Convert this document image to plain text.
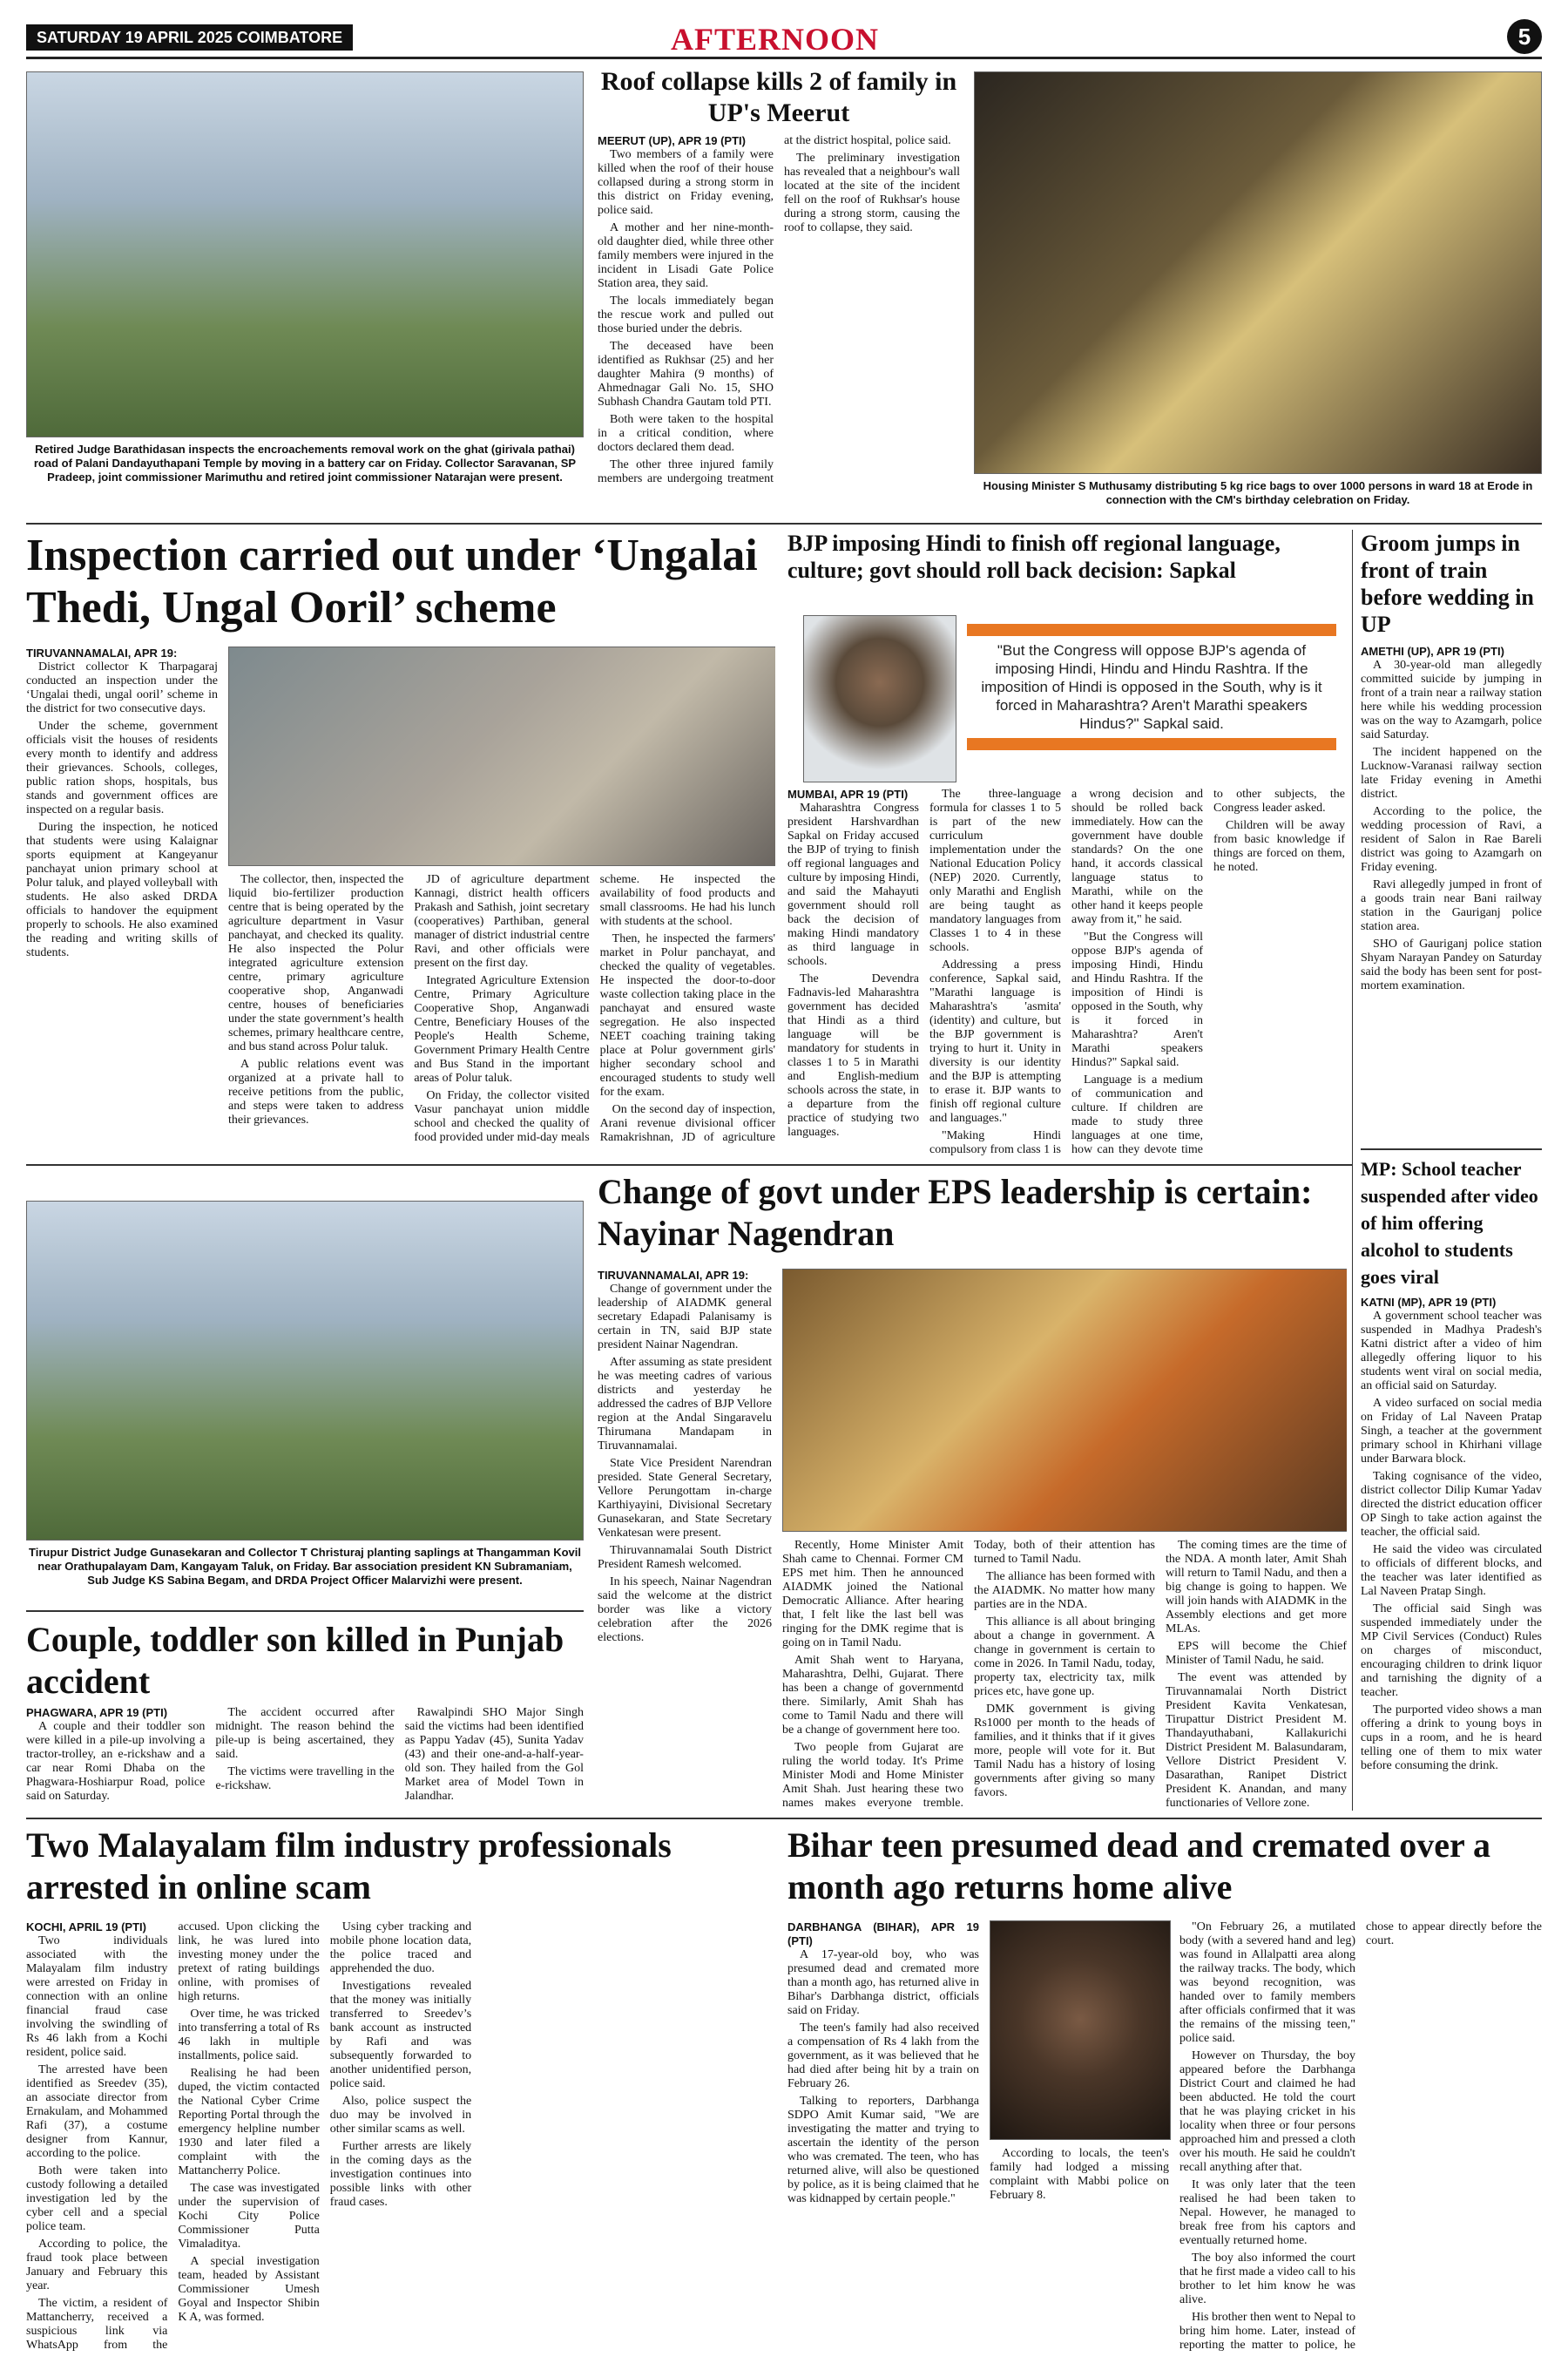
SATURDAY 19 APRIL 2025 COIMBATORE	AFTERNOON	5
Retired Judge Barathidasan inspects the encroachements removal work on the ghat (girivala pathai) road of Palani Dandayuthapani Temple by moving in a battery car on Friday. Collector Saravanan, SP Pradeep, joint commissioner Marimuthu and retired joint commissioner Natarajan were present.
Roof collapse kills 2 of family in UP's Meerut
MEERUT (UP), APR 19 (PTI)

Two members of a family were killed when the roof of their house collapsed during a strong storm in this district on Friday evening, police said.

A mother and her nine-month-old daughter died, while three other family members were injured in the incident in Lisadi Gate Police Station area, they said.

The locals immediately began the rescue work and pulled out those buried under the debris.

The deceased have been identified as Rukhsar (25) and her daughter Mahira (9 months) of Ahmednagar Gali No. 15, SHO Subhash Chandra Gautam told PTI.

Both were taken to the hospital in a critical condition, where doctors declared them dead.

The other three injured family members are undergoing treatment at the district hospital, police said.

The preliminary investigation has revealed that a neighbour's wall located at the site of the incident fell on the roof of Rukhsar's house during a strong storm, causing the roof to collapse, they said.

Housing Minister S Muthusamy distributing 5 kg rice bags to over 1000 persons in ward 18 at Erode in connection with the CM's birthday celebration on Friday.
Inspection carried out under ‘Ungalai Thedi, Ungal Ooril’ scheme
TIRUVANNAMALAI, APR 19:

District collector K Tharpagaraj conducted an inspection under the ‘Ungalai thedi, ungal ooril’ scheme in the district for two consecutive days.

Under the scheme, government officials visit the houses of residents every month to identify and address their grievances. Schools, colleges, public ration shops, hospitals, bus stands and government offices are inspected on a regular basis.

During the inspection, he noticed that students were using Kalaignar sports equipment at Kangeyanur panchayat union primary school at Polur taluk, and played volleyball with students. He also asked DRDA officials to handover the equipment properly to schools. He also examined the reading and writing skills of students.

The collector, then, inspected the liquid bio-fertilizer production centre that is being operated by the agriculture department in Vasur panchayat, and checked its quality. He also inspected the Polur integrated agriculture extension centre, primary agriculture cooperative shop, Anganwadi centre, houses of beneficiaries under the state government’s health schemes, primary healthcare centre, and bus stand across Polur taluk.

A public relations event was organized at a private hall to receive petitions from the public, and steps were taken to address their grievances.

JD of agriculture department Kannagi, district health officers Prakash and Sathish, joint secretary (cooperatives) Parthiban, general manager of district industrial centre Ravi, and other officials were present on the first day.

Integrated Agriculture Extension Centre, Primary Agriculture Cooperative Shop, Anganwadi Centre, Beneficiary Houses of the People's Health Scheme, Government Primary Health Centre and Bus Stand in the important areas of Polur taluk.

On Friday, the collector visited Vasur panchayat union middle school and checked the quality of food provided under mid-day meals scheme. He inspected the availability of food products and small classrooms. He had his lunch with students at the school.

Then, he inspected the farmers' market in Polur panchayat, and checked the quality of vegetables. He inspected the door-to-door waste collection taking place in the panchayat and ensured waste segregation. He also inspected NEET coaching training taking place at Polur government girls' higher secondary school and encouraged students to study well for the exam.

On the second day of inspection, Arani revenue divisional officer Ramakrishnan, JD of agriculture

BJP imposing Hindi to finish off regional language, culture; govt should roll back decision: Sapkal
"But the Congress will oppose BJP's agenda of imposing Hindi, Hindu and Hindu Rashtra. If the imposition of Hindi is opposed in the South, why is it forced in Maharashtra? Aren't Marathi speakers Hindus?" Sapkal said.
MUMBAI, APR 19 (PTI)

Maharashtra Congress president Harshvardhan Sapkal on Friday accused the BJP of trying to finish off regional languages and culture by imposing Hindi, and said the Mahayuti government should roll back the decision of making Hindi mandatory as third language in schools.

The Devendra Fadnavis-led Maharashtra government has decided that Hindi as a third language will be mandatory for students in classes 1 to 5 in Marathi and English-medium schools across the state, in a departure from the practice of studying two languages.

The three-language formula for classes 1 to 5 is part of the new curriculum implementation under the National Education Policy (NEP) 2020. Currently, only Marathi and English are being taught as mandatory languages from Classes 1 to 4 in these schools.

Addressing a press conference, Sapkal said, "Marathi language is Maharashtra's 'asmita' (identity) and culture, but the BJP government is trying to hurt it. Unity in diversity is our identity and the BJP is attempting to erase it. BJP wants to finish off regional culture and languages."

"Making Hindi compulsory from class 1 is a wrong decision and should be rolled back immediately. How can the government have double standards? On the one hand, it accords classical language status to Marathi, while on the other hand it keeps people away from it," he said.

"But the Congress will oppose BJP's agenda of imposing Hindi, Hindu and Hindu Rashtra. If the imposition of Hindi is opposed in the South, why is it forced in Maharashtra? Aren't Marathi speakers Hindus?" Sapkal said.

Language is a medium of communication and culture. If children are made to study three languages at one time, how can they devote time to other subjects, the Congress leader asked.

Children will be away from basic knowledge if things are forced on them, he noted.

Groom jumps in front of train before wedding in UP
AMETHI (UP), APR 19 (PTI)

A 30-year-old man allegedly committed suicide by jumping in front of a train near a railway station here while his wedding procession was on the way to Azamgarh, police said Saturday.

The incident happened on the Lucknow-Varanasi railway section late Friday evening in Amethi district.

According to the police, the wedding procession of Ravi, a resident of Salon in Rae Bareli district was going to Azamgarh on Friday evening.

Ravi allegedly jumped in front of a goods train near Bani railway station in the Gauriganj police station area.

SHO of Gauriganj police station Shyam Narayan Pandey on Saturday said the body has been sent for post-mortem examination.

MP: School teacher suspended after video of him offering alcohol to students goes viral
KATNI (MP), APR 19 (PTI)

A government school teacher was suspended in Madhya Pradesh's Katni district after a video of him allegedly offering liquor to his students went viral on social media, an official said on Saturday.

A video surfaced on social media on Friday of Lal Naveen Pratap Singh, a teacher at the government primary school in Khirhani village under Barwara block.

Taking cognisance of the video, district collector Dilip Kumar Yadav directed the district education officer OP Singh to take action against the teacher, the official said.

He said the video was circulated to officials of different blocks, and the teacher was later identified as Lal Naveen Pratap Singh.

The official said Singh was suspended immediately under the MP Civil Services (Conduct) Rules on charges of misconduct, encouraging children to drink liquor and tarnishing the dignity of a teacher.

The purported video shows a man offering a drink to young boys in cups in a room, and he is heard telling one of them to mix water before consuming the drink.

Tirupur District Judge Gunasekaran and Collector T Christuraj planting saplings at Thangamman Kovil near Orathupalayam Dam, Kangayam Taluk, on Friday. Bar association president KN Subramaniam, Sub Judge KS Sabina Begam, and DRDA Project Officer Malarvizhi were present.
Couple, toddler son killed in Punjab accident
PHAGWARA, APR 19 (PTI)

A couple and their toddler son were killed in a pile-up involving a tractor-trolley, an e-rickshaw and a car near Romi Dhaba on the Phagwara-Hoshiarpur Road, police said on Saturday.

The accident occurred after midnight. The reason behind the pile-up is being ascertained, they said.

The victims were travelling in the e-rickshaw.

Rawalpindi SHO Major Singh said the victims had been identified as Pappu Yadav (45), Sunita Yadav (43) and their one-and-a-half-year-old son. They hailed from the Gol Market area of Model Town in Jalandhar.

Change of govt under EPS leadership is certain: Nayinar Nagendran
TIRUVANNAMALAI, APR 19:

Change of government under the leadership of AIADMK general secretary Edapadi Palanisamy is certain in TN, said BJP state president Nainar Nagendran.

After assuming as state president he was meeting cadres of various districts and yesterday he addressed the cadres of BJP Vellore region at the Andal Singaravelu Thirumana Mandapam in Tiruvannamalai.

State Vice President Narendran presided. State General Secretary, Vellore Perungottam in-charge Karthiyayini, Divisional Secretary Gunasekaran, and State Secretary Venkatesan were present.

Thiruvannamalai South District President Ramesh welcomed.

In his speech, Nainar Nagendran said the welcome at the district border was like a victory celebration after the 2026 elections.

Recently, Home Minister Amit Shah came to Chennai. Former CM EPS met him. Then he announced AIADMK joined the National Democratic Alliance. After hearing that, I felt like the last bell was ringing for the DMK regime that is going on in Tamil Nadu.

Amit Shah went to Haryana, Maharashtra, Delhi, Gujarat. There has been a change of governmentd there. Similarly, Amit Shah has come to Tamil Nadu and there will be a change of government here too.

Two people from Gujarat are ruling the world today. It's Prime Minister Modi and Home Minister Amit Shah. Just hearing these two names makes everyone tremble. Today, both of their attention has turned to Tamil Nadu.

The alliance has been formed with the AIADMK. No matter how many parties are in the NDA.

This alliance is all about bringing about a change in government. A change in government is certain to come in 2026. In Tamil Nadu, today, property tax, electricity tax, milk prices etc, have gone up.

DMK government is giving Rs1000 per month to the heads of families, and it thinks that if it gives more, people will vote for it. But Tamil Nadu has a history of losing governments after giving so many favors.

The coming times are the time of the NDA. A month later, Amit Shah will return to Tamil Nadu, and then a big change is going to happen. We will join hands with AIADMK in the Assembly elections and get more MLAs.

EPS will become the Chief Minister of Tamil Nadu, he said.

The event was attended by Tiruvannamalai North District President Kavita Venkatesan, Tirupattur District President M. Thandayuthabani, Kallakurichi District President M. Balasundaram, Vellore District President V. Dasarathan, Ranipet District President K. Anandan, and many functionaries of Vellore zone.

Two Malayalam film industry professionals arrested in online scam
KOCHI, APRIL 19 (PTI)

Two individuals associated with the Malayalam film industry were arrested on Friday in connection with an online financial fraud case involving the swindling of Rs 46 lakh from a Kochi resident, police said.

The arrested have been identified as Sreedev (35), an associate director from Ernakulam, and Mohammed Rafi (37), a costume designer from Kannur, according to the police.

Both were taken into custody following a detailed investigation led by the cyber cell and a special police team.

According to police, the fraud took place between January and February this year.

The victim, a resident of Mattancherry, received a suspicious link via WhatsApp from the accused. Upon clicking the link, he was lured into investing money under the pretext of rating buildings online, with promises of high returns.

Over time, he was tricked into transferring a total of Rs 46 lakh in multiple installments, police said.

Realising he had been duped, the victim contacted the National Cyber Crime Reporting Portal through the emergency helpline number 1930 and later filed a complaint with the Mattancherry Police.

The case was investigated under the supervision of Kochi City Police Commissioner Putta Vimaladitya.

A special investigation team, headed by Assistant Commissioner Umesh Goyal and Inspector Shibin K A, was formed.

Using cyber tracking and mobile phone location data, the police traced and apprehended the duo.

Investigations revealed that the money was initially transferred to Sreedev’s bank account as instructed by Rafi and was subsequently forwarded to another unidentified person, police said.

Also, police suspect the duo may be involved in other similar scams as well.

Further arrests are likely in the coming days as the investigation continues into possible links with other fraud cases.

Bihar teen presumed dead and cremated over a month ago returns home alive
DARBHANGA (BIHAR), APR 19 (PTI)

A 17-year-old boy, who was presumed dead and cremated more than a month ago, has returned alive in Bihar's Darbhanga district, officials said on Friday.

The teen's family had also received a compensation of Rs 4 lakh from the government, as it was believed that he had died after being hit by a train on February 26.

Talking to reporters, Darbhanga SDPO Amit Kumar said, "We are investigating the matter and trying to ascertain the identity of the person who was cremated. The teen, who has returned alive, will also be questioned by police, as it is being claimed that he was kidnapped by certain people."

According to locals, the teen's family had lodged a missing complaint with Mabbi police on February 8.

"On February 26, a mutilated body (with a severed hand and leg) was found in Allalpatti area along the railway tracks. The body, which was beyond recognition, was handed over to family members after officials confirmed that it was the remains of the missing teen," police said.

However on Thursday, the boy appeared before the Darbhanga District Court and claimed he had been abducted. He told the court that he was playing cricket in his locality when three or four persons approached him and pressed a cloth over his mouth. He said he couldn't recall anything after that.

It was only later that the teen realised he had been taken to Nepal. However, he managed to break free from his captors and eventually returned home.

The boy also informed the court that he first made a video call to his brother to let him know he was alive.

His brother then went to Nepal to bring him home. Later, instead of reporting the matter to police, he chose to appear directly before the court.
